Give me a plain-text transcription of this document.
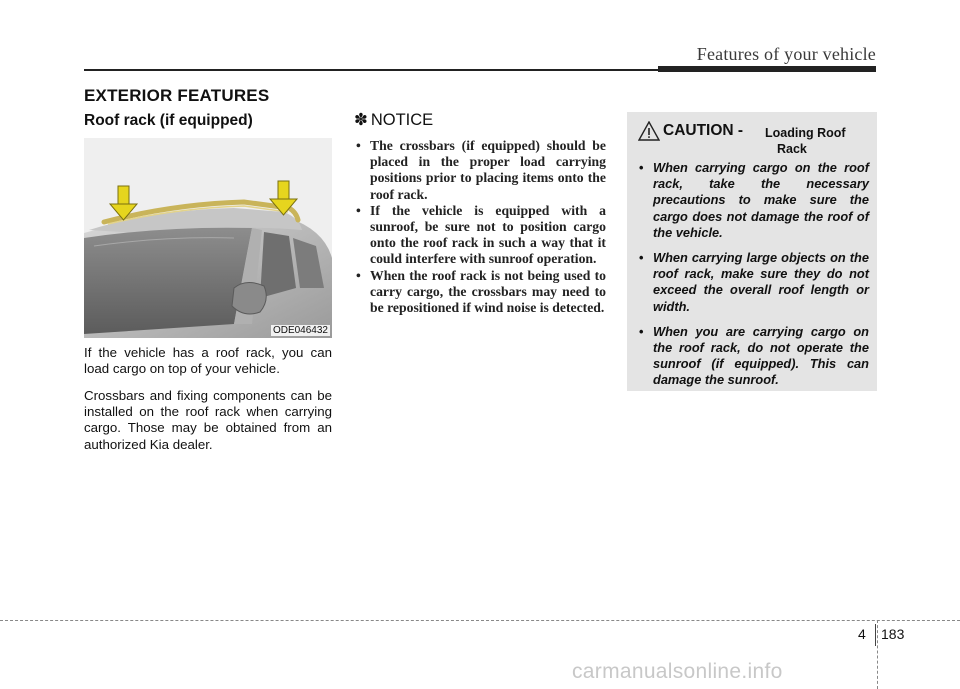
Features of your vehicle
EXTERIOR FEATURES
Roof rack (if equipped)
ODE046432
If the vehicle has a roof rack, you can load cargo on top of your vehicle.
Crossbars and fixing components can be installed on the roof rack when carrying cargo. Those may be obtained from an authorized Kia dealer.
✽ NOTICE
• The crossbars (if equipped) should be placed in the proper load carrying positions prior to placing items onto the roof rack.
• If the vehicle is equipped with a sunroof, be sure not to position cargo onto the roof rack in such a way that it could interfere with sunroof operation.
• When the roof rack is not being used to carry cargo, the crossbars may need to be repositioned if wind noise is detected.
CAUTION - Loading Roof
Rack
• When carrying cargo on the roof rack, take the necessary precautions to make sure the cargo does not damage the roof of the vehicle.
• When carrying large objects on the roof rack, make sure they do not exceed the overall roof length or width.
• When you are carrying cargo on the roof rack, do not operate the sunroof (if equipped). This can damage the sunroof.
4 183
carmanualsonline.info
